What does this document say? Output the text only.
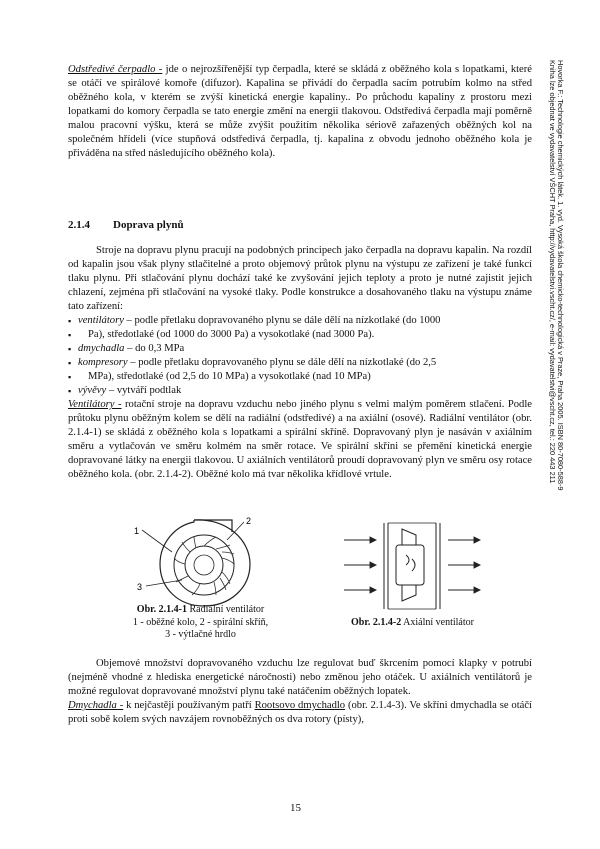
Odstředivé čerpadlo - jde o nejrozšířenější typ čerpadla, které se skládá z oběžného kola s lopatkami, které se otáčí ve spirálové komoře (difuzor). Kapalina se přivádí do čerpadla sacím potrubím kolmo na střed oběžného kola, v kterém se zvýší kinetická energie kapaliny.. Po průchodu kapaliny z prostoru mezi lopatkami do komory čerpadla se tato energie změní na energii tlakovou. Odstředivá čerpadla mají poměrně malou pracovní výšku, která se může zvýšit použitím několika sériově zařazených oběžných kol na společném hřídeli (více stupňová odstředivá čerpadla, tj. kapalina z obvodu jednoho oběžného kola je přiváděna na střed následujícího oběžného kola).

2.1.4 Doprava plynů

Stroje na dopravu plynu pracují na podobných principech jako čerpadla na dopravu kapalin. Na rozdíl od kapalin jsou však plyny stlačitelné a proto objemový průtok plynu na výstupu ze zařízení je také funkcí tlaku plynu. Při stlačování plynu dochází také ke zvyšování jejich teploty a proto je nutné zajistit jejich chlazení, zejména při stlačování na vysoké tlaky. Podle konstrukce a dosahovaného tlaku na výstupu známe tato zařízení:

▪ ventilátory – podle přetlaku dopravovaného plynu se dále dělí na nízkotlaké (do 1000
▪ Pa), středotlaké (od 1000 do 3000 Pa) a vysokotlaké (nad 3000 Pa).
▪ dmychadla – do 0,3 MPa
▪ kompresory – podle přetlaku dopravovaného plynu se dále dělí na nízkotlaké (do 2,5
▪ MPa), středotlaké (od 2,5 do 10 MPa) a vysokotlaké (nad 10 MPa)
▪ vývěvy – vytváří podtlak

Ventilátory - rotační stroje na dopravu vzduchu nebo jiného plynu s velmi malým poměrem stlačení. Podle průtoku plynu oběžným kolem se dělí na radiální (odstředivé) a na axiální (osové). Radiální ventilátor (obr. 2.1.4-1) se skládá z oběžného kola s lopatkami a spirální skříně. Dopravovaný plyn je nasáván v axiálním směru a vytlačován ve směru kolmém na směr rotace. Ve spirální skříni se přemění kinetická energie dopravované látky na energii tlakovou. U axiálních ventilátorů proudí dopravovaný plyn ve směru osy rotace oběžného kola. (obr. 2.1.4-2). Oběžné kolo má tvar několika křídlové vrtule.

1
2
3
Obr. 2.1.4-1 Radiální ventilátor
1 - oběžné kolo, 2 - spirální skříň,
3 - výtlačné hrdlo
Obr. 2.1.4-2 Axiální ventilátor

Objemové množství dopravovaného vzduchu lze regulovat buď škrcením pomocí klapky v potrubí (nejméně vhodné z hlediska energetické náročnosti) nebo změnou jeho otáček. U axiálních ventilátorů je možné regulovat dopravované množství plynu také natáčením oběžných lopatek.

Dmychadla - k nejčastěji používaným patří Rootsovo dmychadlo (obr. 2.1.4-3). Ve skříni dmychadla se otáčí proti sobě kolem svých navzájem rovnoběžných os dva rotory (písty),

Hovorka F.: Technologie chemických látek. 1. vyd. Vysoká škola chemicko-technologická v Praze, Praha 2005. ISBN 80-7080-588-9
Kniha lze objednat ve vydavatelství VŠCHT Praha, http://vydavatelstvi.vscht.cz/, e-mail: vydavatelstvi@vscht.cz, tel.: 220 443 211
15
